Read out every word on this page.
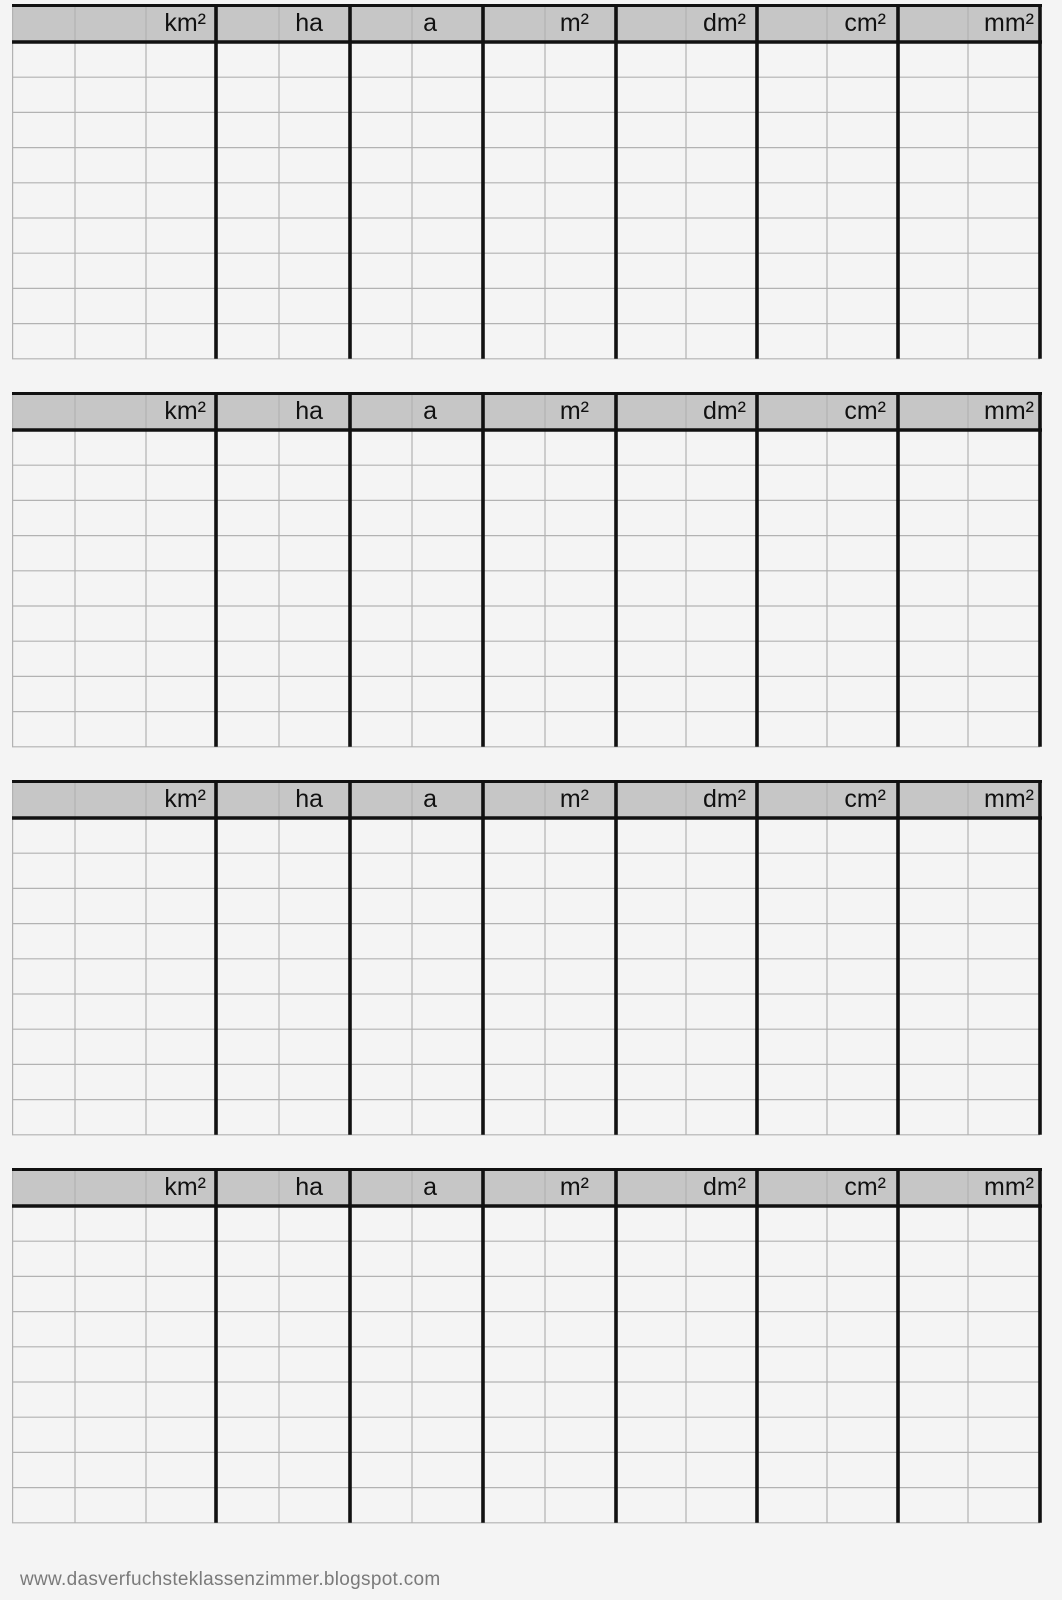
km²	ha	a	m²	dm²	cm²	mm²
km²	ha	a	m²	dm²	cm²	mm²
km²	ha	a	m²	dm²	cm²	mm²
km²	ha	a	m²	dm²	cm²	mm²
www.dasverfuchsteklassenzimmer.blogspot.com
